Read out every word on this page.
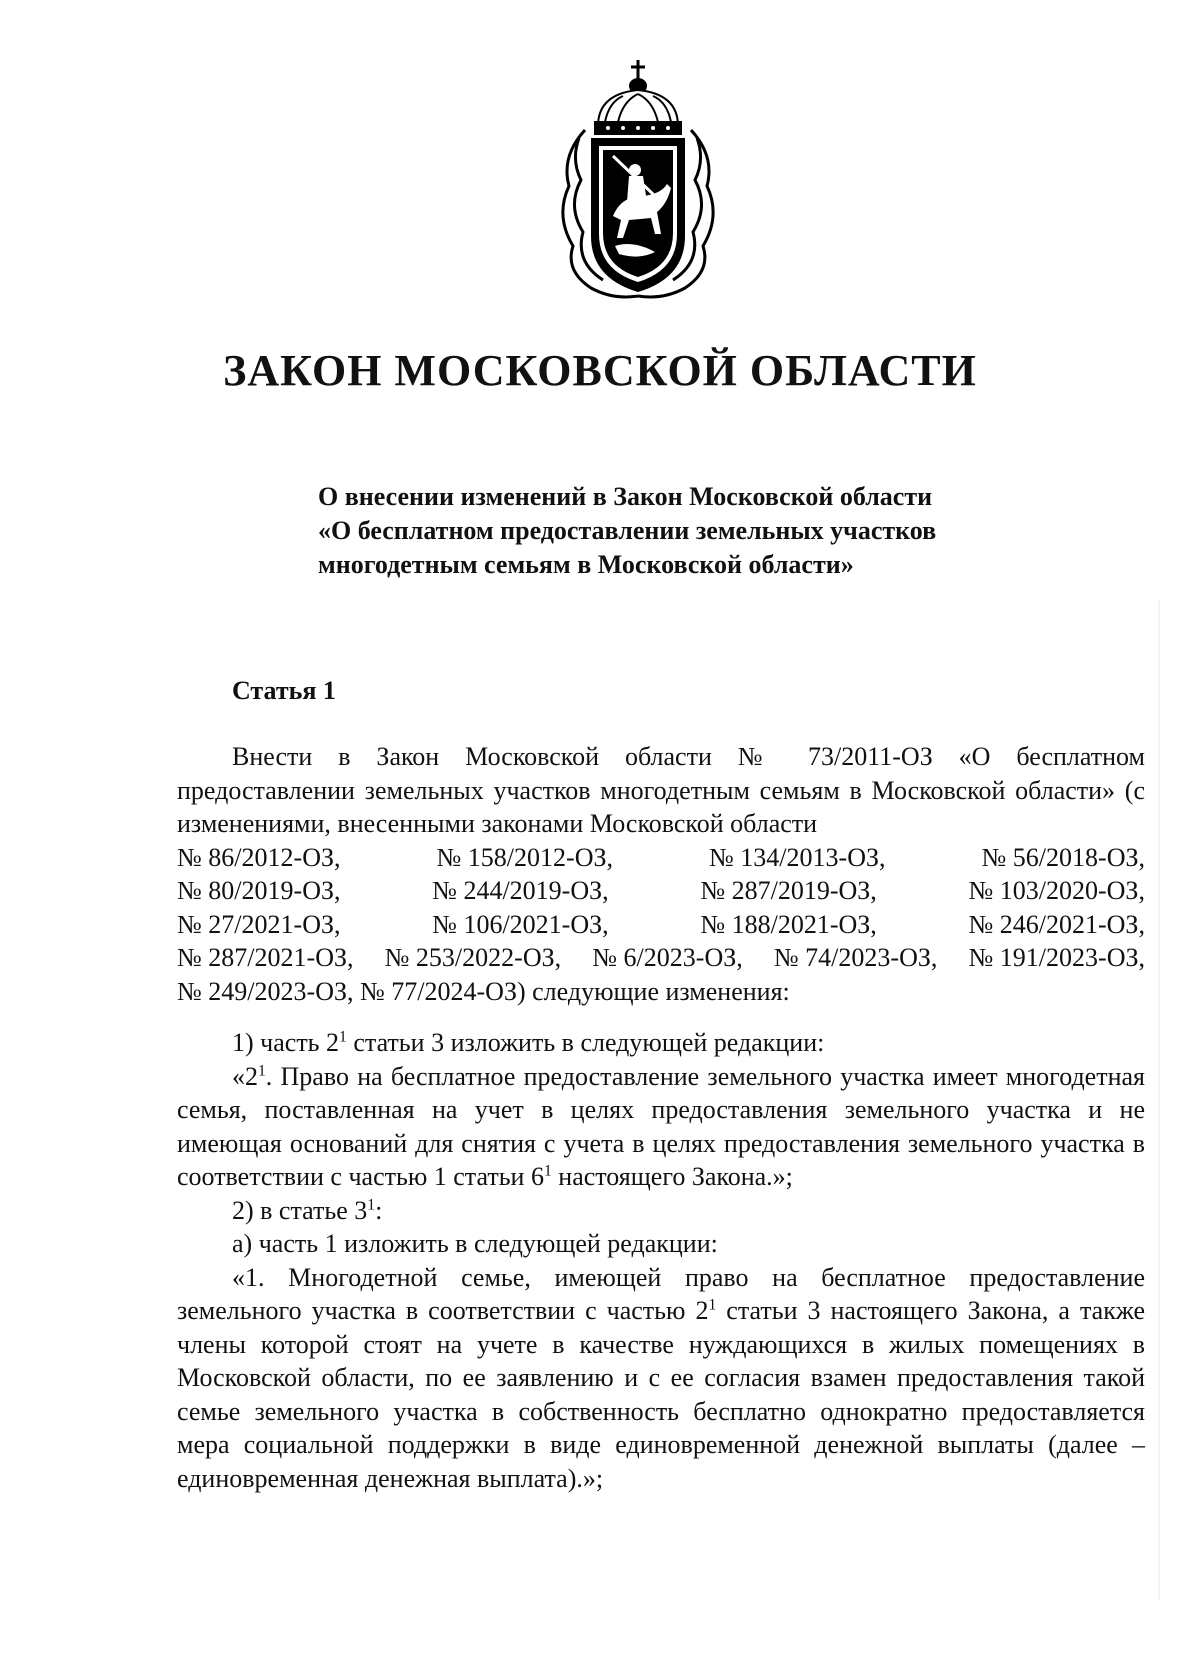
ЗАКОН МОСКОВСКОЙ ОБЛАСТИ
О внесении изменений в Закон Московской области
«О бесплатном предоставлении земельных участков
многодетным семьям в Московской области»
Статья 1

Внести в Закон Московской области № 73/2011-ОЗ «О бесплатном предоставлении земельных участков многодетным семьям в Московской области» (с изменениями, внесенными законами Московской области

№ 86/2012-ОЗ,	№ 158/2012-ОЗ,	№ 134/2013-ОЗ,	№ 56/2018-ОЗ,
№ 80/2019-ОЗ,	№ 244/2019-ОЗ,	№ 287/2019-ОЗ,	№ 103/2020-ОЗ,
№ 27/2021-ОЗ,	№ 106/2021-ОЗ,	№ 188/2021-ОЗ,	№ 246/2021-ОЗ,
№ 287/2021-ОЗ, № 253/2022-ОЗ, № 6/2023-ОЗ, № 74/2023-ОЗ, № 191/2023-ОЗ,

№ 249/2023-ОЗ, № 77/2024-ОЗ) следующие изменения:

1) часть $2^1$ статьи 3 изложить в следующей редакции:

«$2^1$. Право на бесплатное предоставление земельного участка имеет многодетная семья, поставленная на учет в целях предоставления земельного участка и не имеющая оснований для снятия с учета в целях предоставления земельного участка в соответствии с частью 1 статьи $6^1$ настоящего Закона.»;

2) в статье $3^1$:

а) часть 1 изложить в следующей редакции:

«1. Многодетной семье, имеющей право на бесплатное предоставление земельного участка в соответствии с частью $2^1$ статьи 3 настоящего Закона, а также члены которой стоят на учете в качестве нуждающихся в жилых помещениях в Московской области, по ее заявлению и с ее согласия взамен предоставления такой семье земельного участка в собственность бесплатно однократно предоставляется мера социальной поддержки в виде единовременной денежной выплаты (далее – единовременная денежная выплата).»;
